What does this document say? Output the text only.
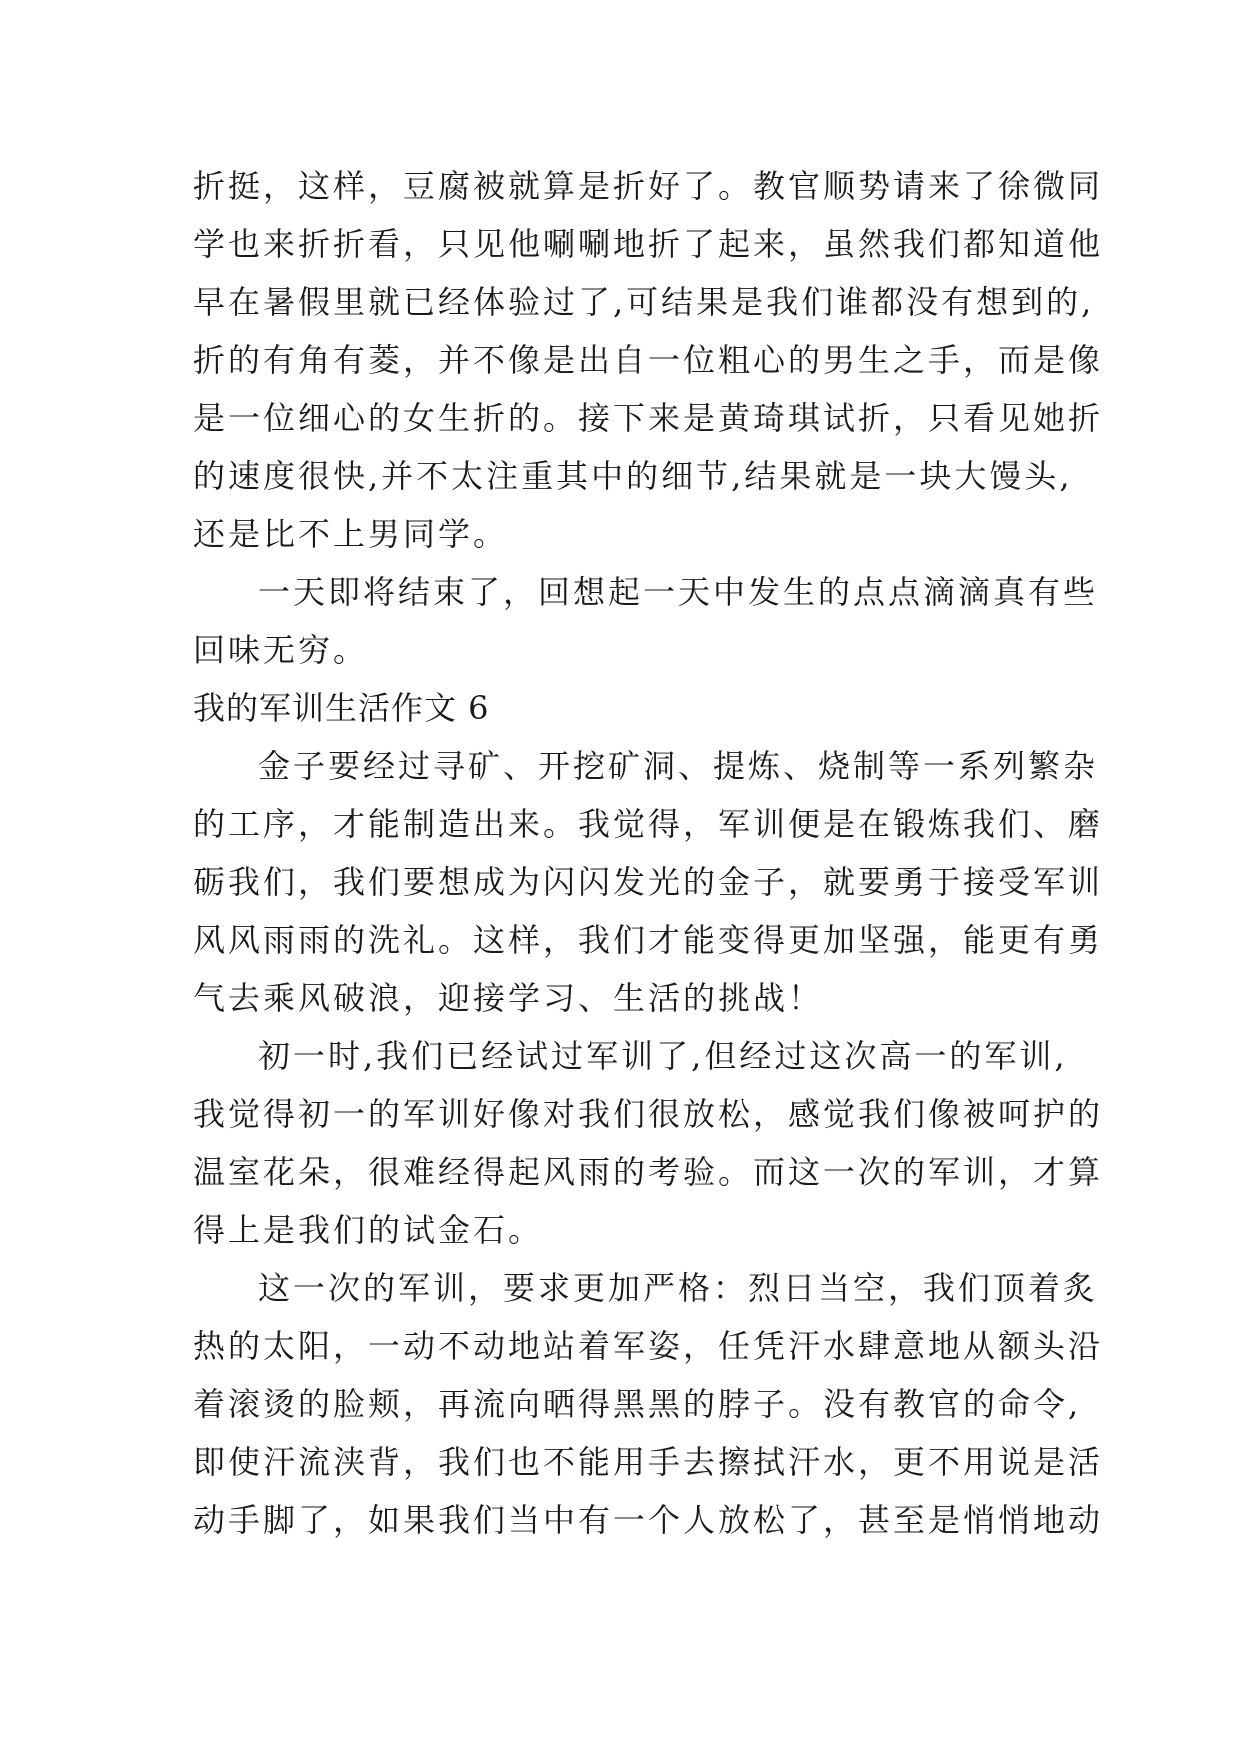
折挺，这样，豆腐被就算是折好了。教官顺势请来了徐微同
学也来折折看，只见他唰唰地折了起来，虽然我们都知道他
早在暑假里就已经体验过了,可结果是我们谁都没有想到的,
折的有角有菱，并不像是出自一位粗心的男生之手，而是像
是一位细心的女生折的。接下来是黄琦琪试折，只看见她折
的速度很快,并不太注重其中的细节,结果就是一块大馒头,
还是比不上男同学。
一天即将结束了，回想起一天中发生的点点滴滴真有些
回味无穷。
我的军训生活作文 6
金子要经过寻矿、开挖矿洞、提炼、烧制等一系列繁杂
的工序，才能制造出来。我觉得，军训便是在锻炼我们、磨
砺我们，我们要想成为闪闪发光的金子，就要勇于接受军训
风风雨雨的洗礼。这样，我们才能变得更加坚强，能更有勇
气去乘风破浪，迎接学习、生活的挑战！
初一时,我们已经试过军训了,但经过这次高一的军训,
我觉得初一的军训好像对我们很放松，感觉我们像被呵护的
温室花朵，很难经得起风雨的考验。而这一次的军训，才算
得上是我们的试金石。
这一次的军训，要求更加严格：烈日当空，我们顶着炙
热的太阳，一动不动地站着军姿，任凭汗水肆意地从额头沿
着滚烫的脸颊，再流向晒得黑黑的脖子。没有教官的命令,
即使汗流浃背，我们也不能用手去擦拭汗水，更不用说是活
动手脚了，如果我们当中有一个人放松了，甚至是悄悄地动
